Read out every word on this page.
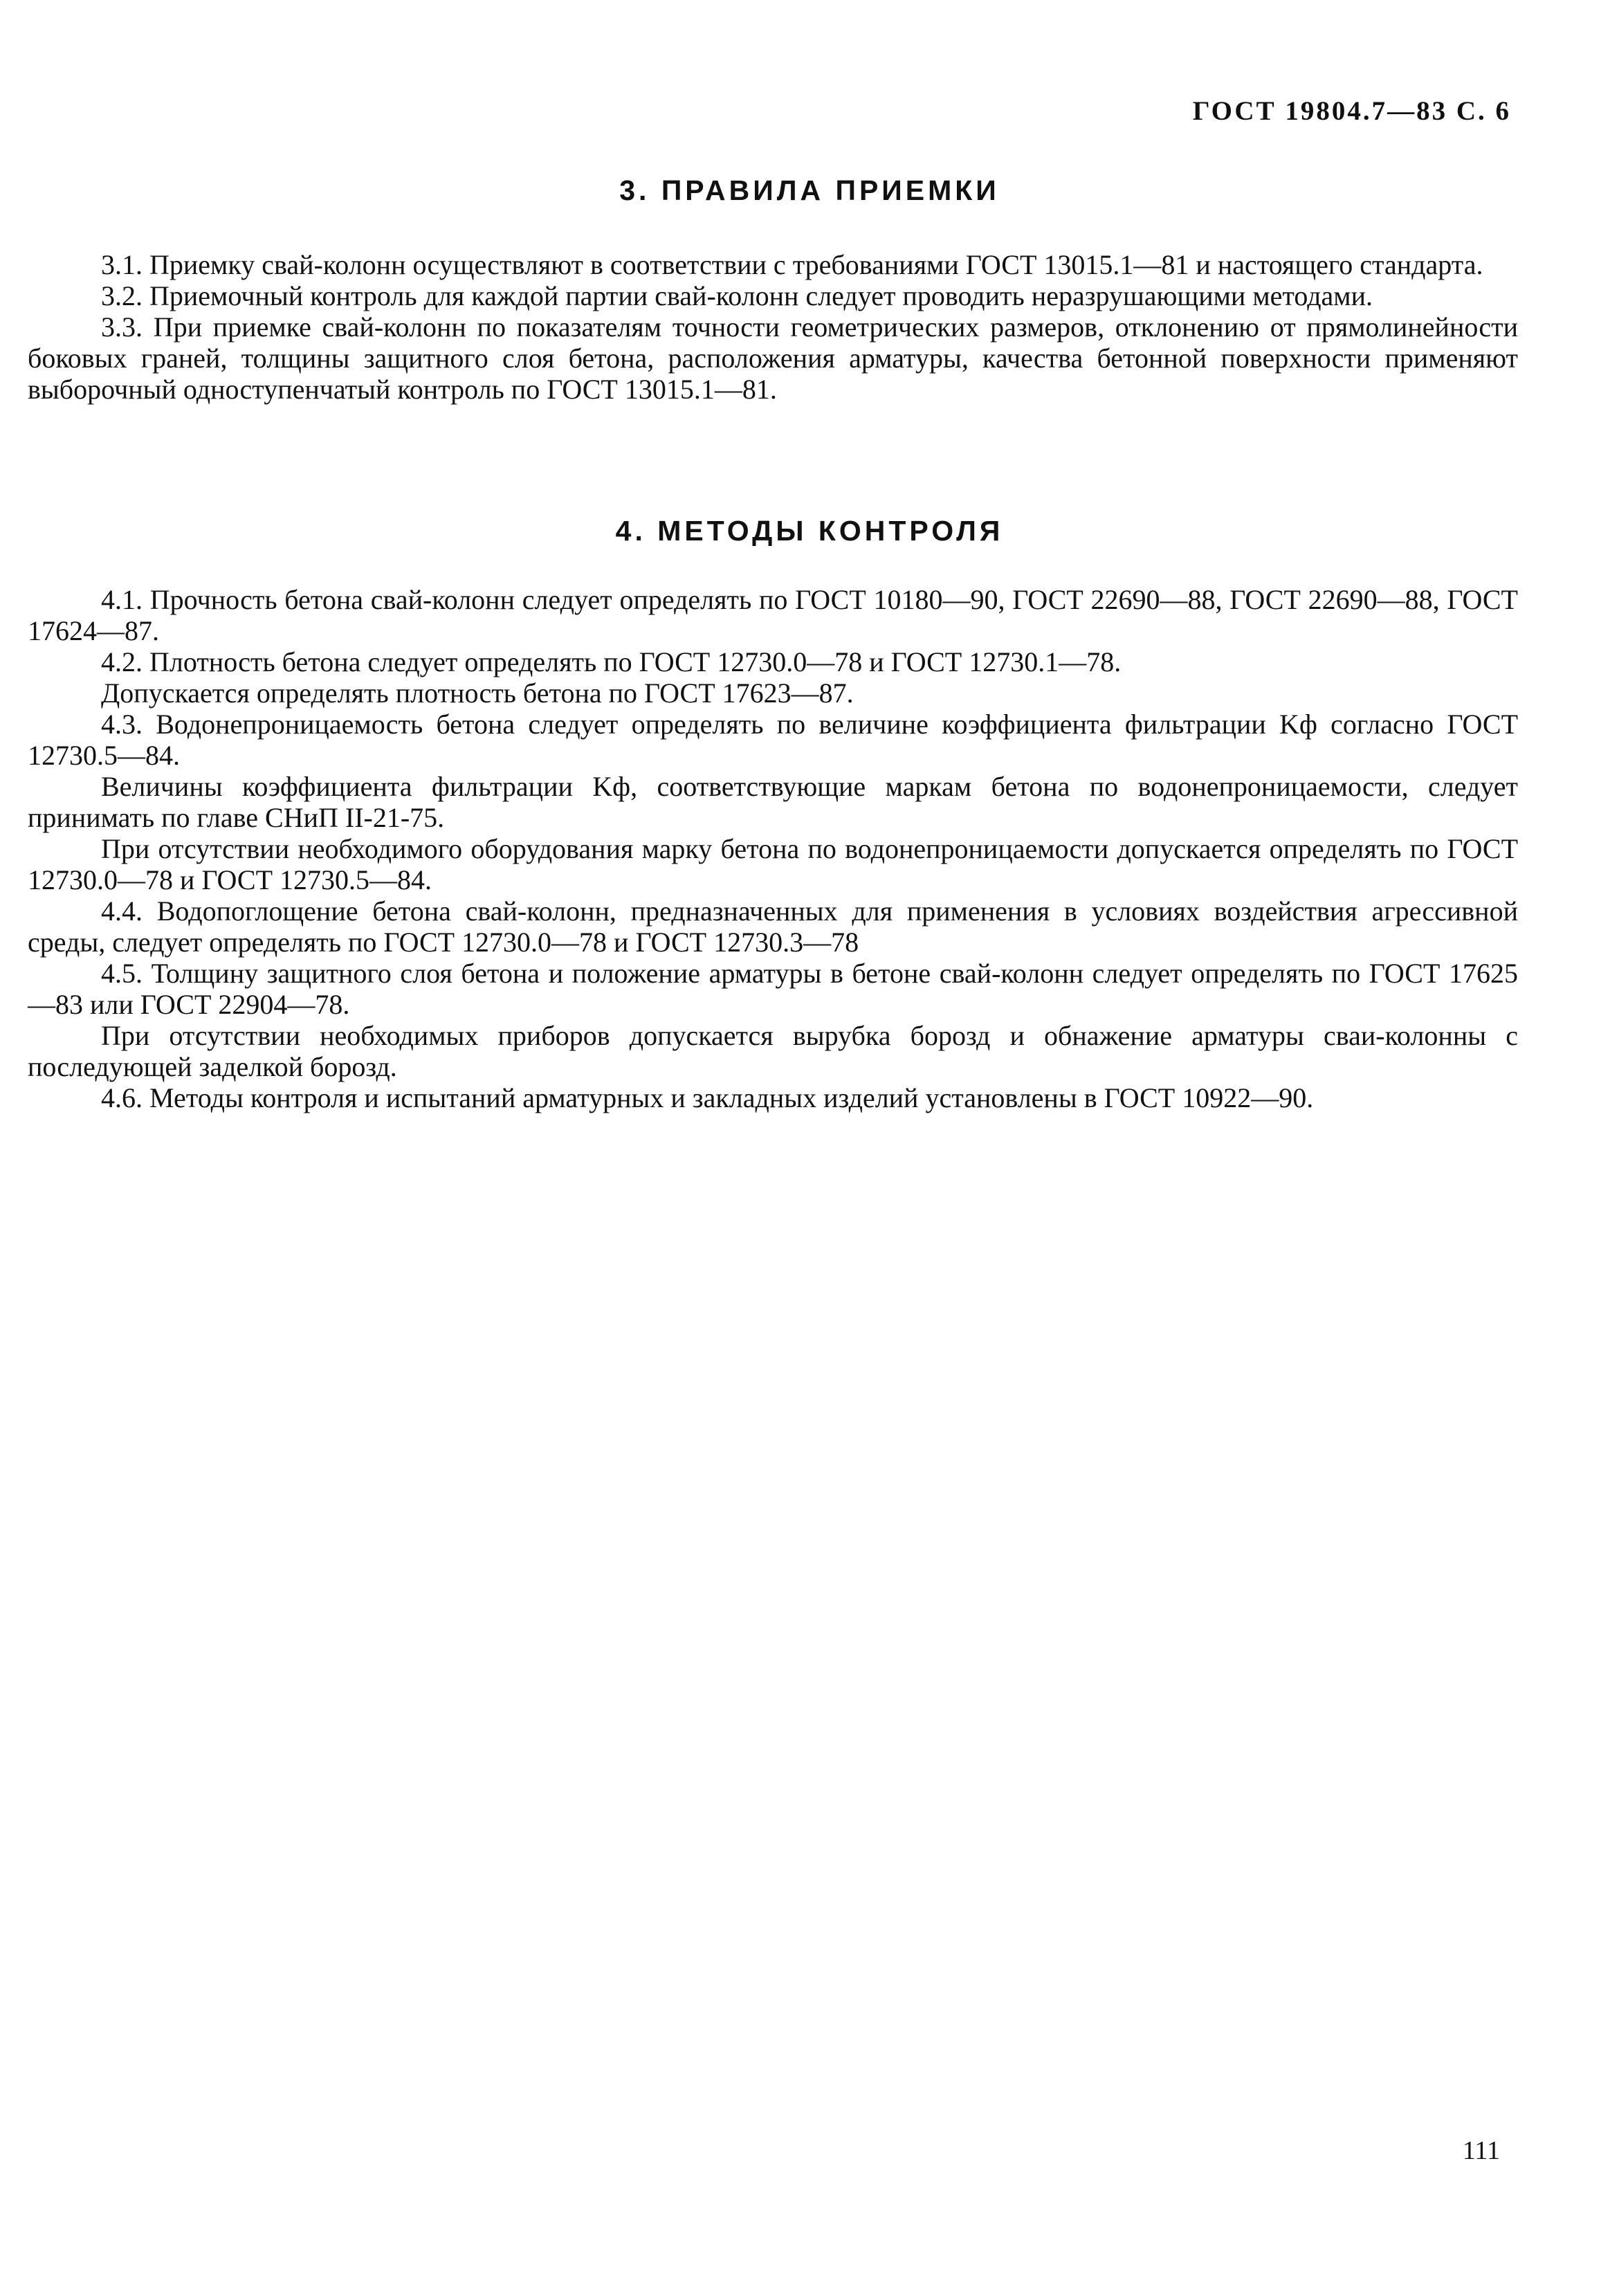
ГОСТ 19804.7—83 С. 6
3. ПРАВИЛА ПРИЕМКИ

3.1. Приемку свай-колонн осуществляют в соответствии с требованиями ГОСТ 13015.1—81 и настоящего стандарта.

3.2. Приемочный контроль для каждой партии свай-колонн следует проводить неразрушающими методами.

3.3. При приемке свай-колонн по показателям точности геометрических размеров, отклонению от прямолинейности боковых граней, толщины защитного слоя бетона, расположения арматуры, качества бетонной поверхности применяют выборочный одноступенчатый контроль по ГОСТ 13015.1—81.

4. МЕТОДЫ КОНТРОЛЯ

4.1. Прочность бетона свай-колонн следует определять по ГОСТ 10180—90, ГОСТ 22690—88, ГОСТ 22690—88, ГОСТ 17624—87.

4.2. Плотность бетона следует определять по ГОСТ 12730.0—78 и ГОСТ 12730.1—78.

Допускается определять плотность бетона по ГОСТ 17623—87.

4.3. Водонепроницаемость бетона следует определять по величине коэффициента фильтрации Kф согласно ГОСТ 12730.5—84.

Величины коэффициента фильтрации Kф, соответствующие маркам бетона по водонепроницаемости, следует принимать по главе СНиП II-21-75.

При отсутствии необходимого оборудования марку бетона по водонепроницаемости допускается определять по ГОСТ 12730.0—78 и ГОСТ 12730.5—84.

4.4. Водопоглощение бетона свай-колонн, предназначенных для применения в условиях воздействия агрессивной среды, следует определять по ГОСТ 12730.0—78 и ГОСТ 12730.3—78

4.5. Толщину защитного слоя бетона и положение арматуры в бетоне свай-колонн следует определять по ГОСТ 17625—83 или ГОСТ 22904—78.

При отсутствии необходимых приборов допускается вырубка борозд и обнажение арматуры сваи-колонны с последующей заделкой борозд.

4.6. Методы контроля и испытаний арматурных и закладных изделий установлены в ГОСТ 10922—90.

111
